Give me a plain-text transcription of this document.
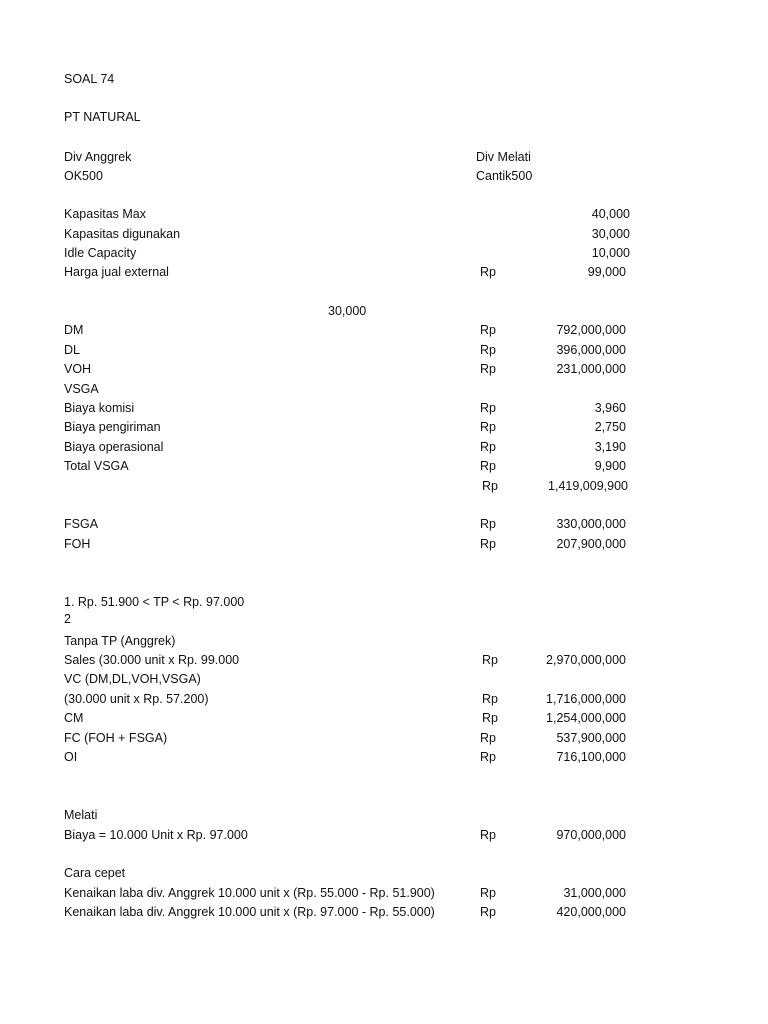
SOAL 74
PT NATURAL
Div Anggrek
OK500
Div Melati
Cantik500
Kapasitas Max	40,000
Kapasitas digunakan	30,000
Idle Capacity	10,000
Harga jual external	Rp	99,000
30,000
DM	Rp	792,000,000
DL	Rp	396,000,000
VOH	Rp	231,000,000
VSGA
Biaya komisi	Rp	3,960
Biaya pengiriman	Rp	2,750
Biaya operasional	Rp	3,190
Total VSGA	Rp	9,900
Rp	1,419,009,900
FSGA	Rp	330,000,000
FOH	Rp	207,900,000
1. Rp. 51.900 < TP < Rp. 97.000
2
Tanpa TP (Anggrek)
Sales (30.000 unit x Rp. 99.000	Rp	2,970,000,000
VC (DM,DL,VOH,VSGA)
(30.000 unit x Rp. 57.200)	Rp	1,716,000,000
CM	Rp	1,254,000,000
FC (FOH + FSGA)	Rp	537,900,000
OI	Rp	716,100,000
Melati
Biaya = 10.000 Unit x Rp. 97.000	Rp	970,000,000
Cara cepet
Kenaikan laba div. Anggrek 10.000 unit x (Rp. 55.000 - Rp. 51.900)	Rp	31,000,000
Kenaikan laba div. Anggrek 10.000 unit x (Rp. 97.000 - Rp. 55.000)	Rp	420,000,000
